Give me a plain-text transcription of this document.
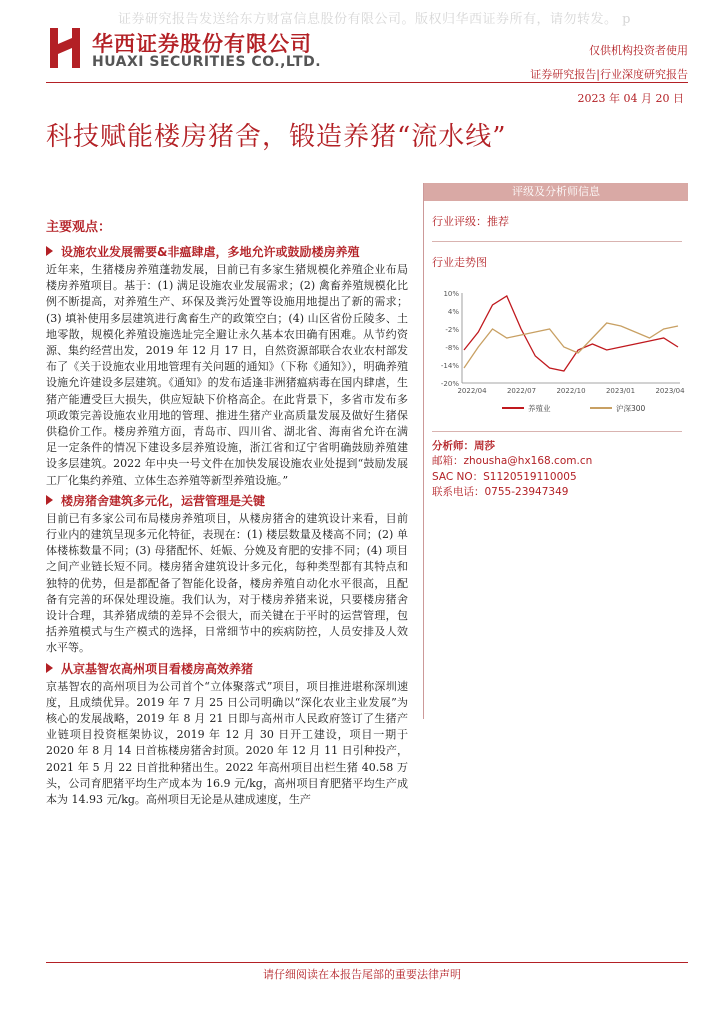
证券研究报告发送给东方财富信息股份有限公司。版权归华西证券所有，请勿转发。 p
华西证券股份有限公司
HUAXI SECURITIES CO.,LTD.
仅供机构投资者使用
证券研究报告|行业深度研究报告
2023 年 04 月 20 日
科技赋能楼房猪舍，锻造养猪“流水线”
主要观点：
设施农业发展需要&非瘟肆虐，多地允许或鼓励楼房养殖

近年来，生猪楼房养殖蓬勃发展，目前已有多家生猪规模化养殖企业布局楼房养殖项目。基于：(1) 满足设施农业发展需求；(2) 禽畜养殖规模化比例不断提高，对养殖生产、环保及粪污处置等设施用地提出了新的需求；(3) 填补使用多层建筑进行禽畜生产的政策空白；(4) 山区省份丘陵多、土地零散，规模化养殖设施选址完全避让永久基本农田确有困难。从节约资源、集约经营出发，2019 年 12 月 17 日，自然资源部联合农业农村部发布了《关于设施农业用地管理有关问题的通知》（下称《通知》），明确养殖设施允许建设多层建筑。《通知》的发布适逢非洲猪瘟病毒在国内肆虐，生猪产能遭受巨大损失，供应短缺下价格高企。在此背景下，多省市发布多项政策完善设施农业用地的管理、推进生猪产业高质量发展及做好生猪保供稳价工作。楼房养殖方面，青岛市、四川省、湖北省、海南省允许在满足一定条件的情况下建设多层养殖设施，浙江省和辽宁省明确鼓励养殖建设多层建筑。2022 年中央一号文件在加快发展设施农业处提到“鼓励发展工厂化集约养殖、立体生态养殖等新型养殖设施。”

楼房猪舍建筑多元化，运营管理是关键

目前已有多家公司布局楼房养殖项目，从楼房猪舍的建筑设计来看，目前行业内的建筑呈现多元化特征，表现在：(1) 楼层数量及楼高不同；(2) 单体楼栋数量不同；(3) 母猪配怀、妊娠、分娩及育肥的安排不同；(4) 项目之间产业链长短不同。楼房猪舍建筑设计多元化，每种类型都有其特点和独特的优势，但是都配备了智能化设备，楼房养殖自动化水平很高，且配备有完善的环保处理设施。我们认为，对于楼房养猪来说，只要楼房猪舍设计合理，其养猪成绩的差异不会很大，而关键在于平时的运营管理，包括养殖模式与生产模式的选择，日常细节中的疾病防控，人员安排及人效水平等。

从京基智农高州项目看楼房高效养猪

京基智农的高州项目为公司首个“立体聚落式”项目，项目推进堪称深圳速度，且成绩优异。2019 年 7 月 25 日公司明确以“深化农业主业发展”为核心的发展战略，2019 年 8 月 21 日即与高州市人民政府签订了生猪产业链项目投资框架协议，2019 年 12 月 30 日开工建设，项目一期于 2020 年 8 月 14 日首栋楼房猪舍封顶。2020 年 12 月 11 日引种投产，2021 年 5 月 22 日首批种猪出生。2022 年高州项目出栏生猪 40.58 万头，公司育肥猪平均生产成本为 16.9 元/kg，高州项目育肥猪平均生产成本为 14.93 元/kg。高州项目无论是从建成速度，生产

评级及分析师信息
行业评级：推荐
行业走势图
10%
4%
-2%
-8%
-14%
-20%
2022/04	2022/07	2022/10	2023/01	2023/04
养殖业	沪深300
分析师：周莎
邮箱：zhousha@hx168.com.cn
SAC NO：S1120519110005
联系电话：0755-23947349
请仔细阅读在本报告尾部的重要法律声明
